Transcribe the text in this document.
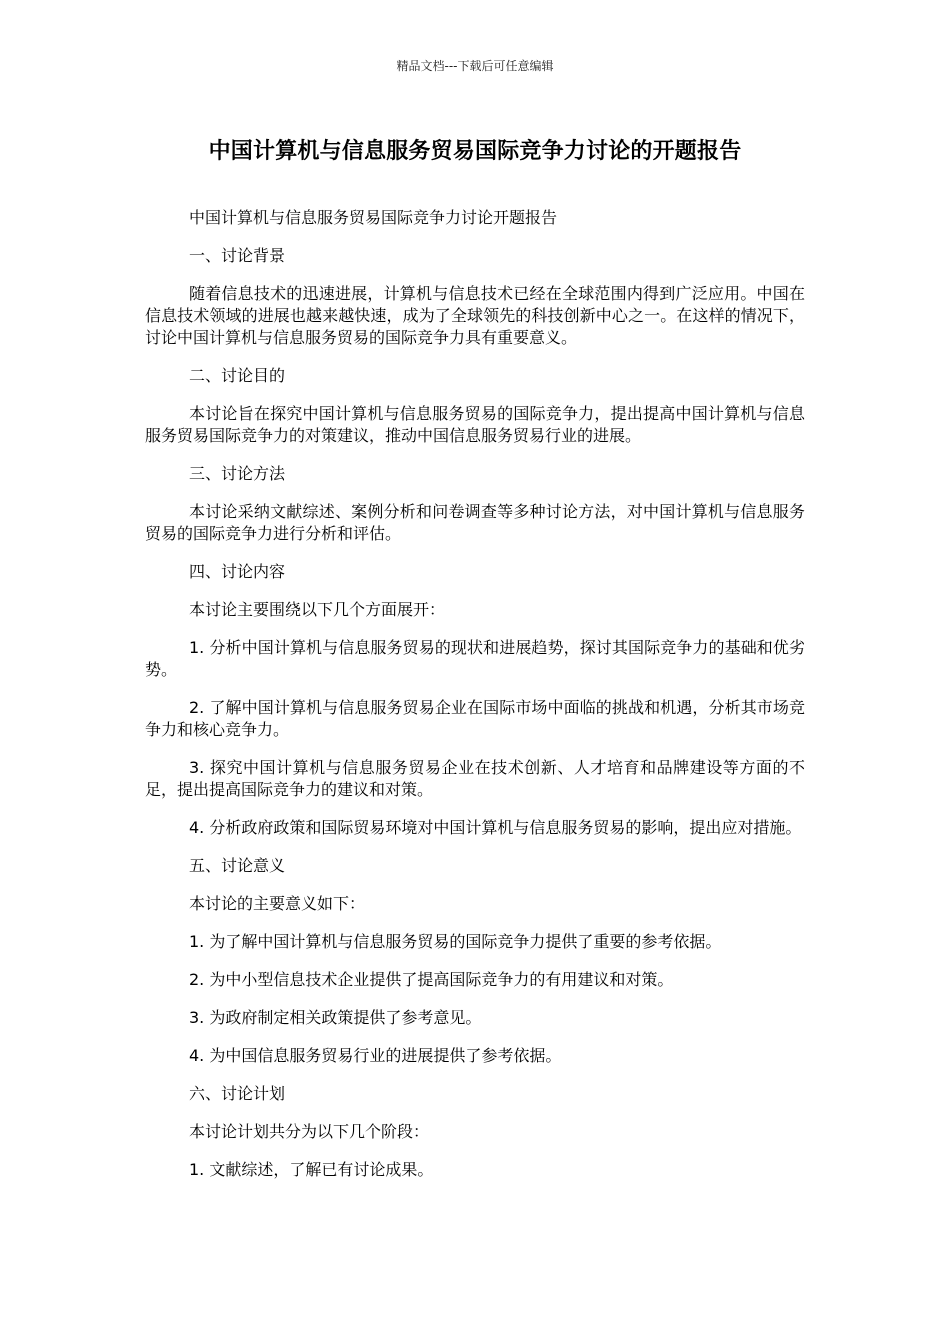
精品文档---下载后可任意编辑
中国计算机与信息服务贸易国际竞争力讨论的开题报告

中国计算机与信息服务贸易国际竞争力讨论开题报告

一、讨论背景

随着信息技术的迅速进展，计算机与信息技术已经在全球范围内得到广泛应用。中国在信息技术领域的进展也越来越快速，成为了全球领先的科技创新中心之一。在这样的情况下，讨论中国计算机与信息服务贸易的国际竞争力具有重要意义。

二、讨论目的

本讨论旨在探究中国计算机与信息服务贸易的国际竞争力，提出提高中国计算机与信息服务贸易国际竞争力的对策建议，推动中国信息服务贸易行业的进展。

三、讨论方法

本讨论采纳文献综述、案例分析和问卷调查等多种讨论方法，对中国计算机与信息服务贸易的国际竞争力进行分析和评估。

四、讨论内容

本讨论主要围绕以下几个方面展开：

1. 分析中国计算机与信息服务贸易的现状和进展趋势，探讨其国际竞争力的基础和优劣势。

2. 了解中国计算机与信息服务贸易企业在国际市场中面临的挑战和机遇，分析其市场竞争力和核心竞争力。

3. 探究中国计算机与信息服务贸易企业在技术创新、人才培育和品牌建设等方面的不足，提出提高国际竞争力的建议和对策。

4. 分析政府政策和国际贸易环境对中国计算机与信息服务贸易的影响，提出应对措施。

五、讨论意义

本讨论的主要意义如下：

1. 为了解中国计算机与信息服务贸易的国际竞争力提供了重要的参考依据。

2. 为中小型信息技术企业提供了提高国际竞争力的有用建议和对策。

3. 为政府制定相关政策提供了参考意见。

4. 为中国信息服务贸易行业的进展提供了参考依据。

六、讨论计划

本讨论计划共分为以下几个阶段：

1. 文献综述，了解已有讨论成果。
